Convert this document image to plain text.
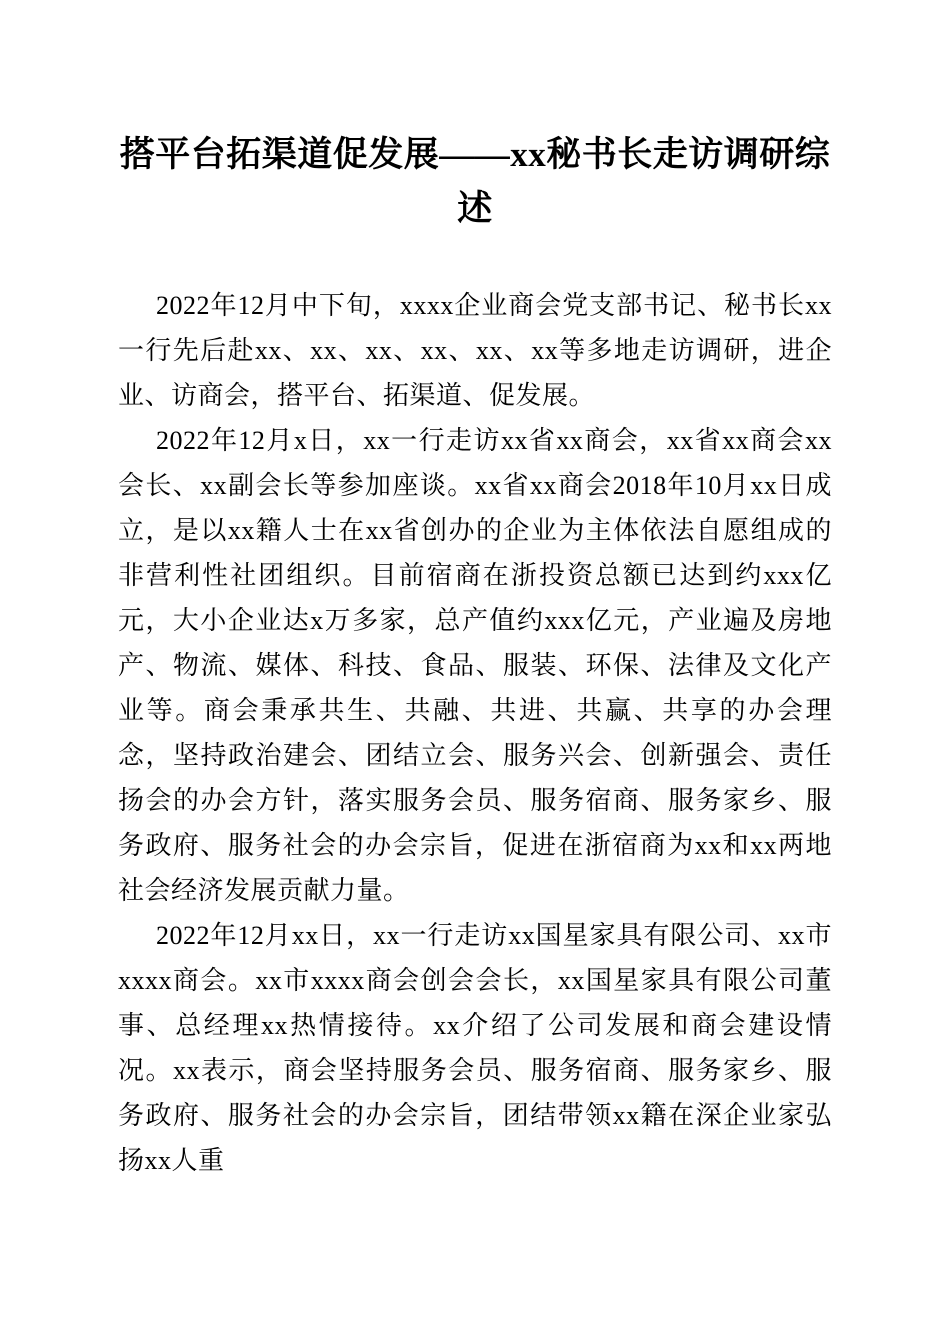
搭平台拓渠道促发展——xx秘书长走访调研综述

2022年12月中下旬，xxxx企业商会党支部书记、秘书长xx一行先后赴xx、xx、xx、xx、xx、xx等多地走访调研，进企业、访商会，搭平台、拓渠道、促发展。

2022年12月x日，xx一行走访xx省xx商会，xx省xx商会xx会长、xx副会长等参加座谈。xx省xx商会2018年10月xx日成立，是以xx籍人士在xx省创办的企业为主体依法自愿组成的非营利性社团组织。目前宿商在浙投资总额已达到约xxx亿元，大小企业达x万多家，总产值约xxx亿元，产业遍及房地产、物流、媒体、科技、食品、服装、环保、法律及文化产业等。商会秉承共生、共融、共进、共赢、共享的办会理念，坚持政治建会、团结立会、服务兴会、创新强会、责任扬会的办会方针，落实服务会员、服务宿商、服务家乡、服务政府、服务社会的办会宗旨，促进在浙宿商为xx和xx两地社会经济发展贡献力量。

2022年12月xx日，xx一行走访xx国星家具有限公司、xx市xxxx商会。xx市xxxx商会创会会长，xx国星家具有限公司董事、总经理xx热情接待。xx介绍了公司发展和商会建设情况。xx表示，商会坚持服务会员、服务宿商、服务家乡、服务政府、服务社会的办会宗旨，团结带领xx籍在深企业家弘扬xx人重
